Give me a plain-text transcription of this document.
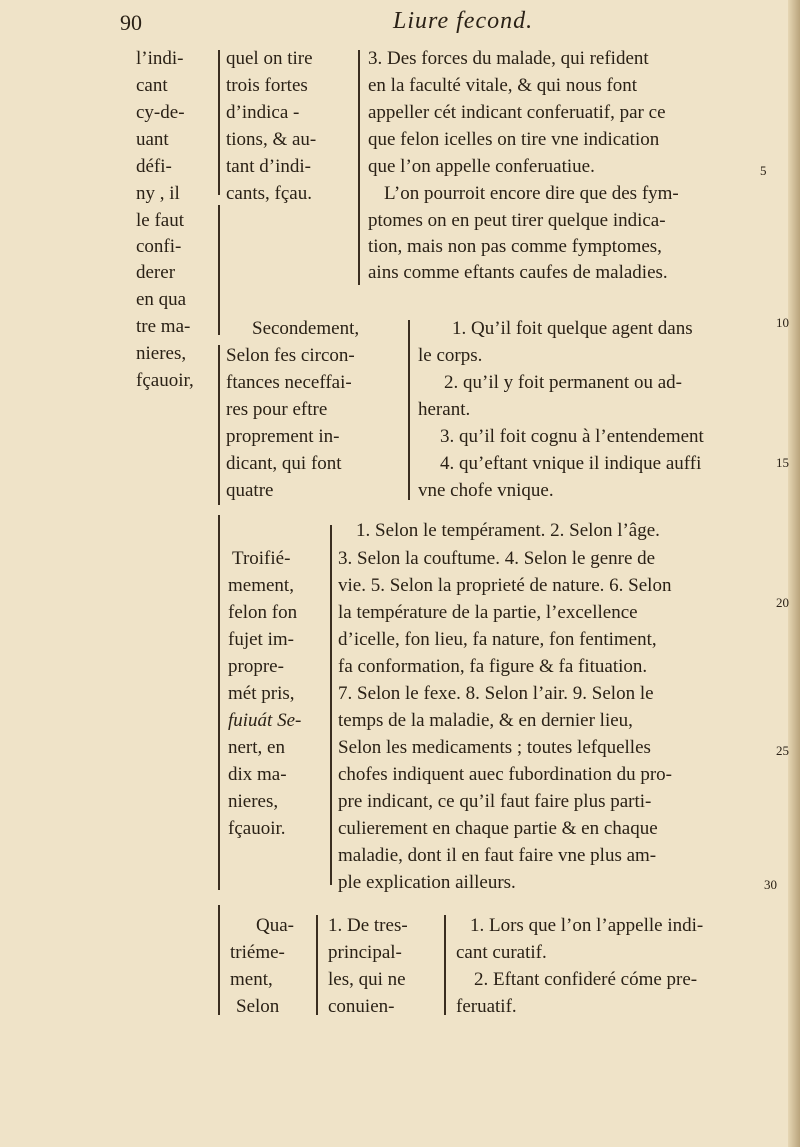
90	Liure fecond.
l’indi-
cant
cy-de-
uant
défi-
ny , il
le faut
confi-
derer
en qua
tre ma-
nieres,
fçauoir,
quel on tire
trois fortes
d’indica -
tions, & au-
tant d’indi-
cants, fçau.
3. Des forces du malade, qui refident
en la faculté vitale, & qui nous font
appeller cét indicant conferuatif, par ce
que felon icelles on tire vne indication
que l’on appelle conferuatiue.
L’on pourroit encore dire que des fym-
ptomes on en peut tirer quelque indica-
tion, mais non pas comme fymptomes,
ains comme eftants caufes de maladies.
5
10
15
20
25
30
Secondement,
Selon fes circon-
ftances neceffai-
res pour eftre
proprement in-
dicant, qui font
quatre
1. Qu’il foit quelque agent dans
le corps.
2. qu’il y foit permanent ou ad-
herant.
3. qu’il foit cognu à l’entendement
4. qu’eftant vnique il indique auffi
vne chofe vnique.
Troifié-
mement,
felon fon
fujet im-
propre-
mét pris,
fuiuát Se-
nert, en
dix ma-
nieres,
fçauoir.
1. Selon le tempérament. 2. Selon l’âge.
3. Selon la couftume. 4. Selon le genre de
vie. 5. Selon la proprieté de nature. 6. Selon
la température de la partie, l’excellence
d’icelle, fon lieu, fa nature, fon fentiment,
fa conformation, fa figure & fa fituation.
7. Selon le fexe. 8. Selon l’air. 9. Selon le
temps de la maladie, & en dernier lieu,
Selon les medicaments ; toutes lefquelles
chofes indiquent auec fubordination du pro-
pre indicant, ce qu’il faut faire plus parti-
culierement en chaque partie & en chaque
maladie, dont il en faut faire vne plus am-
ple explication ailleurs.
Qua-
triéme-
ment,
Selon
1. De tres-
principal-
les, qui ne
conuien-
1. Lors que l’on l’appelle indi-
cant curatif.
2. Eftant confideré cóme pre-
feruatif.
